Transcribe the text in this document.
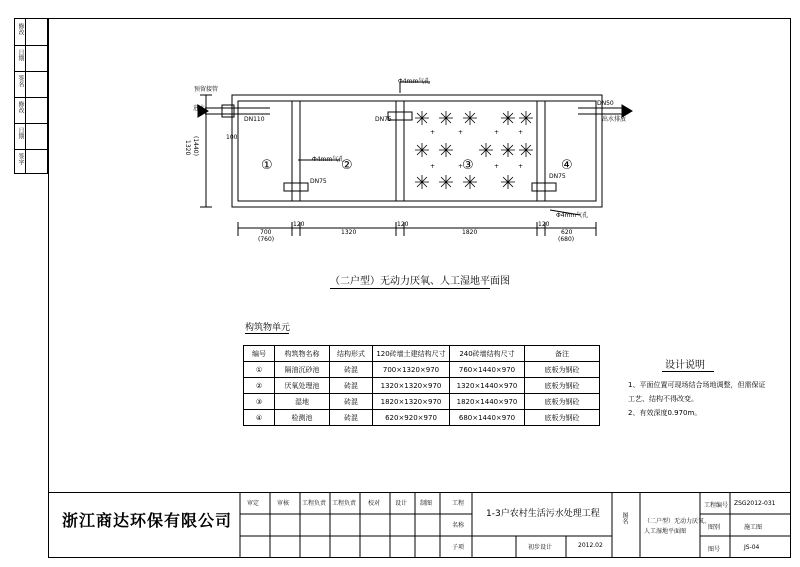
修改
日期
签名
修改
日期
签字
+	+	+
+	+	+
+
+
预留接管
进水
DN110
100
Φ4mm气孔
DN75
Φ4mm气孔
DN75
DN75
Φ4mm气孔
DN50
出水排放
1320 (1440)
①	②	③	④
700
(760)
120
1320
120
1820
120
620
(680)
（二户型）无动力厌氧、人工湿地平面图
构筑物单元
编号	构筑物名称	结构形式	120砖墙土建结构尺寸	240砖墙结构尺寸	备注
①	隔油沉砂池	砖混	700×1320×970	760×1440×970	底板为钢砼
②	厌氧处理池	砖混	1320×1320×970	1320×1440×970	底板为钢砼
③	湿地	砖混	1820×1320×970	1820×1440×970	底板为钢砼
④	检测池	砖混	620×920×970	680×1440×970	底板为钢砼
设计说明
1、平面位置可现场结合场地调整，但需保证
工艺、结构不得改变。
2、有效深度0.970m。
浙江商达环保有限公司
审定	审核 工程负责 工程负责 校对 设计 制图	工程
名称
子项
1-3户农村生活污水处理工程
初步设计	2012.02
图名	（二户型）无动力厌氧、
人工湿地平面图
工程编号 ZSG2012-031
图别	施工图
图号	JS-04
